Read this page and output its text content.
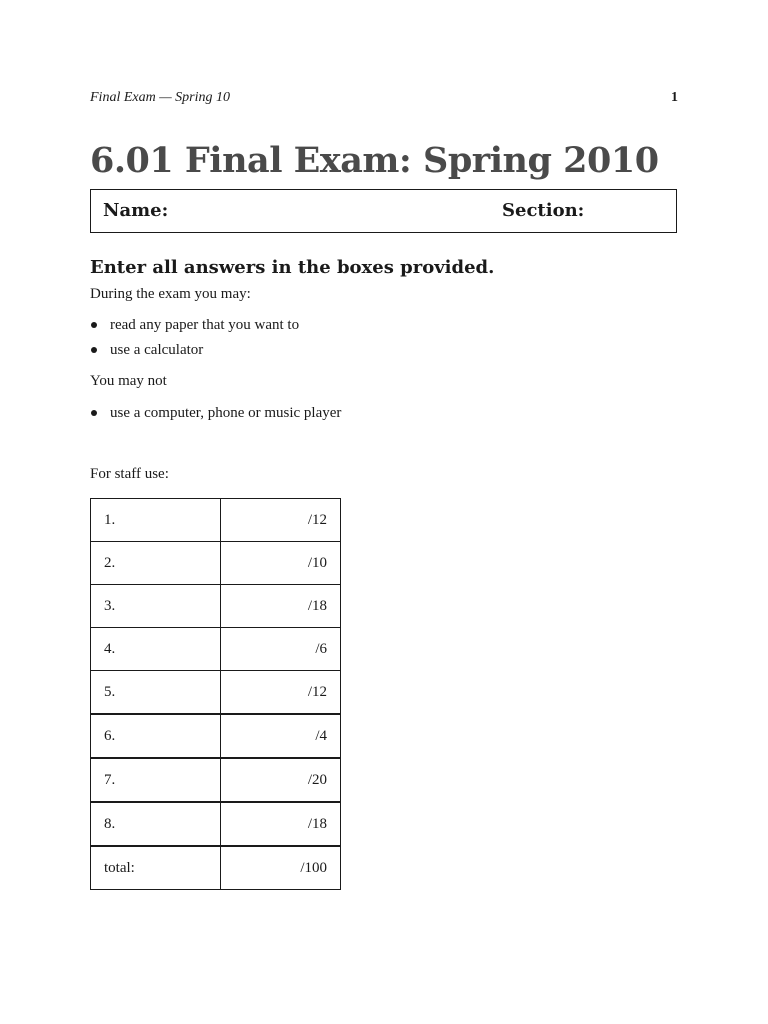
Final Exam — Spring 10	1
6.01 Final Exam: Spring 2010
Name:	Section:
Enter all answers in the boxes provided.
During the exam you may:
read any paper that you want to
use a calculator
You may not
use a computer, phone or music player
For staff use:
1.	/12
2.	/10
3.	/18
4.	/6
5.	/12
6.	/4
7.	/20
8.	/18
total:	/100
